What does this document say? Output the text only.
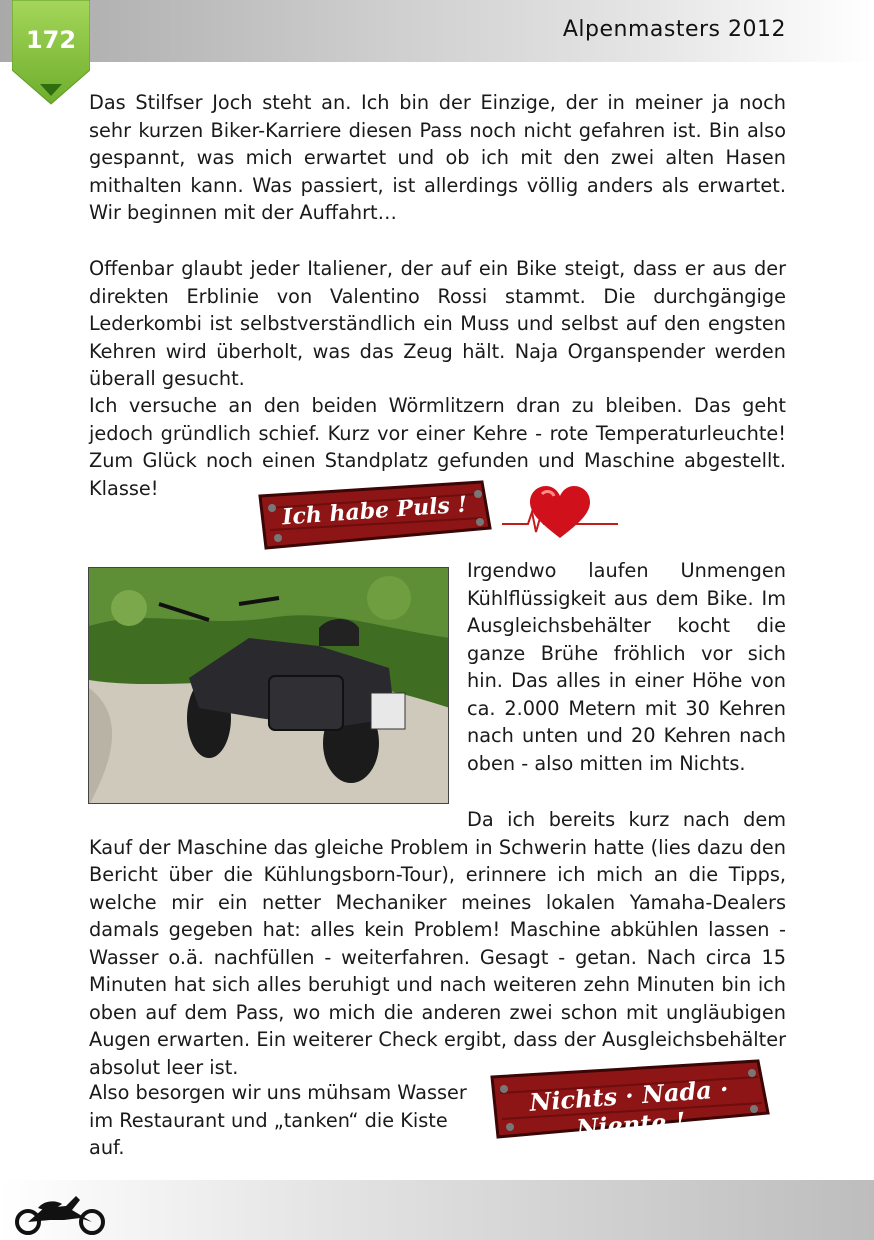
Alpenmasters 2012
172

Das Stilfser Joch steht an. Ich bin der Einzige, der in meiner ja noch sehr kurzen Biker-Karriere diesen Pass noch nicht gefahren ist. Bin also gespannt, was mich erwartet und ob ich mit den zwei alten Hasen mithalten kann. Was passiert, ist allerdings völlig anders als erwartet. Wir beginnen mit der Auffahrt…

Offenbar glaubt jeder Italiener, der auf ein Bike steigt, dass er aus der direkten Erblinie von Valentino Rossi stammt. Die durchgängige Lederkombi ist selbstverständlich ein Muss und selbst auf den engsten Kehren wird überholt, was das Zeug hält. Naja Organspender werden überall gesucht.

Ich versuche an den beiden Wörmlitzern dran zu bleiben. Das geht jedoch gründlich schief. Kurz vor einer Kehre - rote Temperaturleuchte! Zum Glück noch einen Standplatz gefunden und Maschine abgestellt. Klasse!

Ich habe Puls !

Irgendwo laufen Unmengen Kühlflüssigkeit aus dem Bike. Im Ausgleichsbehälter kocht die ganze Brühe fröhlich vor sich hin. Das alles in einer Höhe von ca. 2.000 Metern mit 30 Kehren nach unten und 20 Kehren nach oben - also mitten im Nichts.

Da ich bereits kurz nach dem Kauf der Maschine das gleiche Problem in Schwerin hatte (lies dazu den Bericht über die Kühlungsborn-Tour), erinnere ich mich an die Tipps, welche mir ein netter Mechaniker meines lokalen Yamaha-Dealers damals gegeben hat: alles kein Problem! Maschine abkühlen lassen - Wasser o.ä. nachfüllen - weiterfahren. Gesagt - getan. Nach circa 15 Minuten hat sich alles beruhigt und nach weiteren zehn Minuten bin ich oben auf dem Pass, wo mich die anderen zwei schon mit ungläubigen Augen erwarten. Ein weiterer Check ergibt, dass der Ausgleichsbehälter absolut leer ist.

Also besorgen wir uns mühsam Wasser im Restaurant und „tanken“ die Kiste auf.

Nichts · Nada · Niente !
